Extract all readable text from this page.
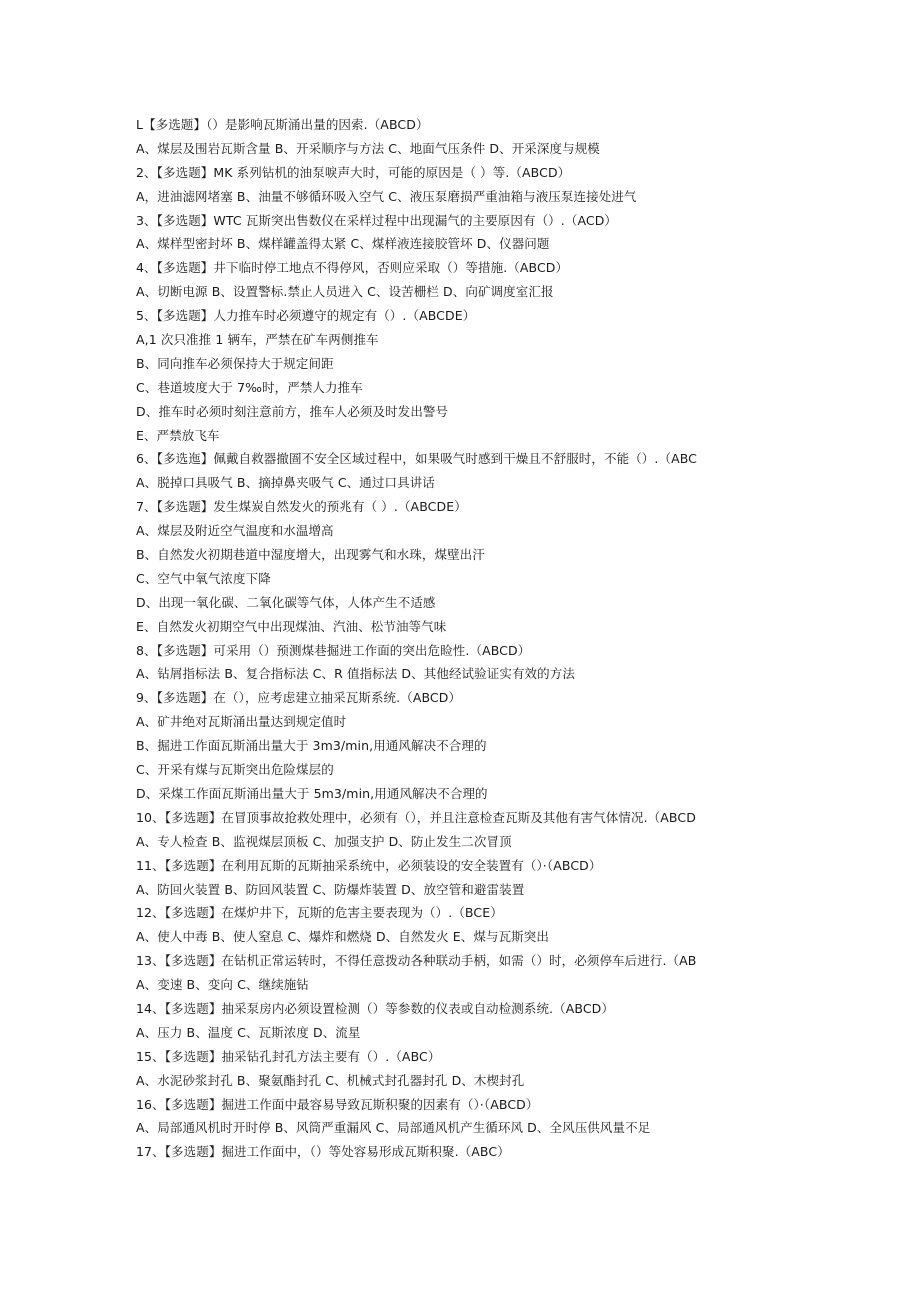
L【多选题】（）是影响瓦斯涌出量的因索.（ABCD）
A、煤层及围岩瓦斯含量 B、开采顺序与方法 C、地面气压条件 D、开采深度与规模
2、【多选题】MK 系列钻机的油泵唳声大时，可能的原因是（ ）等.（ABCD）
A，进油滤网堵塞 B、油量不够循环吸入空气 C、液压泵磨损严重油箱与液压泵连接处进气
3、【多选题】WTC 瓦斯突出售数仪在采样过程中出现漏气的主要原因有（）.（ACD）
A、煤样型密封坏 B、煤样罐盖得太紧 C、煤样液连接胶管坏 D、仪器问题
4、【多选题】井下临时停工地点不得停风，否则应采取（）等措施.（ABCD）
A、切断电源 B、设置警标.禁止人员进入 C、设苦栅栏 D、向矿调度室汇报
5、【多选题】人力推车时必须遵守的规定有（）.（ABCDE）
A,1 次只准推 1 辆车，严禁在矿车两侧推车
B、同向推车必须保持大于规定间距
C、巷道坡度大于 7‰时，严禁人力推车
D、推车时必须时刻注意前方，推车人必须及时发出警号
E、严禁放飞车
6、【多选迤】佩戴自救器撤圄不安全区域过程中，如果吸气时感到干燥且不舒服时，不能（）.（ABC
A、脱掉口具吸气 B、摘掉鼻夹吸气 C、通过口具讲话
7、【多选题】发生煤炭自然发火的预兆有（ ）.（ABCDE）
A、煤层及附近空气温度和水温增高
B、自然发火初期巷道中湿度增大，出现雾气和水珠，煤壁出汗
C、空气中氧气浓度下降
D、出现一氧化碳、二氧化碳等气体，人体产生不适感
E、自然发火初期空气中出现煤油、汽油、松节油等气味
8、【多选题】可采用（）预测煤巷掘进工作面的突出危睑性.（ABCD）
A、钻屑指标法 B、复合指标法 C、R 值指标法 D、其他经试验证实有效的方法
9、【多选题】在（），应考虑建立抽采瓦斯系统.（ABCD）
A、矿井绝对瓦斯涌出量达到规定值时
B、掘进工作面瓦斯涌出量大于 3m3∕min,用通风解决不合理的
C、开采有煤与瓦斯突出危险煤层的
D、采煤工作面瓦斯涌出量大于 5m3∕min,用通风解决不合理的
10、【多选题】在冒顶事故抢救处理中，必须有（），并且注意检查瓦斯及其他有害气体情况.（ABCD
A、专人检查 B、监视煤层顶板 C、加强支护 D、防止发生二次冒顶
11、【多选题】在利用瓦斯的瓦斯抽采系统中，必须装设的安全装置有（）·（ABCD）
A、防回火装置 B、防回风装置 C、防爆炸装置 D、放空管和避雷装置
12、【多选题】在煤炉井下，瓦斯的危害主要表现为（）.（BCE）
A、使人中毒 B、使人窒息 C、爆炸和燃烧 D、自然发火 E、煤与瓦斯突出
13、【多选题】在钻机正常运转时，不得任意拨动各种联动手柄，如需（）时，必须停车后进行.（AB
A、变速 B、变向 C、继续施钻
14、【多选题】抽采泵房内必须设置检测（）等参数的仪表或自动检测系统.（ABCD）
A、压力 B、温度 C、瓦斯浓度 D、流星
15、【多选题】抽采钻孔封孔方法主要有（）.（ABC）
A、水泥砂浆封孔 B、聚氨酯封孔 C、机械式封孔器封孔 D、木楔封孔
16、【多选题】掘进工作面中最容易导致瓦斯积聚的因素有（）·（ABCD）
A、局部通风机时开时停 B、风筒严重漏风 C、局部通风机产生循环风 D、全风压供风量不足
17、【多选题】掘进工作面中，（）等处容易形成瓦斯积聚.（ABC）
